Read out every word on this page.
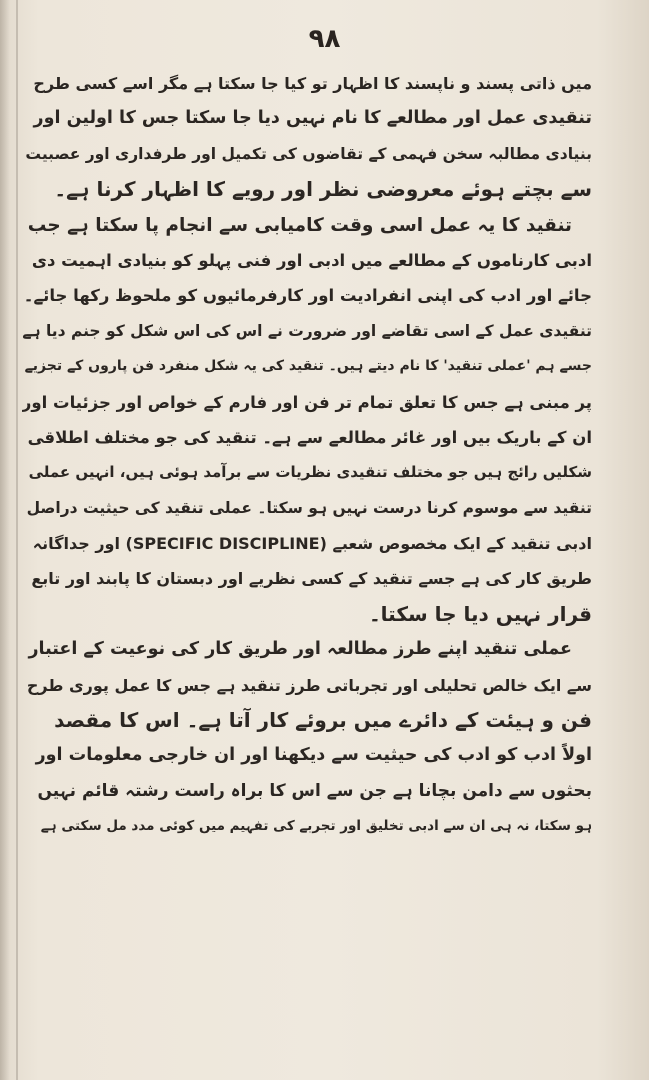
۹۸
میں ذاتی پسند و ناپسند کا اظہار تو کیا جا سکتا ہے مگر اسے کسی طرح
تنقیدی عمل اور مطالعے کا نام نہیں دیا جا سکتا جس کا اولین اور
بنیادی مطالبہ سخن فہمی کے تقاضوں کی تکمیل اور طرفداری اور عصبیت
سے بچتے ہوئے معروضی نظر اور رویے کا اظہار کرنا ہے۔
تنقید کا یہ عمل اسی وقت کامیابی سے انجام پا سکتا ہے جب
ادبی کارناموں کے مطالعے میں ادبی اور فنی پہلو کو بنیادی اہمیت دی
جائے اور ادب کی اپنی انفرادیت اور کارفرمائیوں کو ملحوظ رکھا جائے۔
تنقیدی عمل کے اسی تقاضے اور ضرورت نے اس کی اس شکل کو جنم دیا ہے
جسے ہم 'عملی تنقید' کا نام دیتے ہیں۔ تنقید کی یہ شکل منفرد فن پاروں کے تجزیے
پر مبنی ہے جس کا تعلق تمام تر فن اور فارم کے خواص اور جزئیات اور
ان کے باریک بیں اور غائر مطالعے سے ہے۔ تنقید کی جو مختلف اطلاقی
شکلیں رائج ہیں جو مختلف تنقیدی نظریات سے برآمد ہوئی ہیں، انہیں عملی
تنقید سے موسوم کرنا درست نہیں ہو سکتا۔ عملی تنقید کی حیثیت دراصل
ادبی تنقید کے ایک مخصوص شعبے (SPECIFIC DISCIPLINE) اور جداگانہ
طریق کار کی ہے جسے تنقید کے کسی نظریے اور دبستان کا پابند اور تابع
قرار نہیں دیا جا سکتا۔
عملی تنقید اپنے طرز مطالعہ اور طریق کار کی نوعیت کے اعتبار
سے ایک خالص تحلیلی اور تجرباتی طرز تنقید ہے جس کا عمل پوری طرح
فن و ہیئت کے دائرے میں بروئے کار آتا ہے۔ اس کا مقصد
اولاً ادب کو ادب کی حیثیت سے دیکھنا اور ان خارجی معلومات اور
بحثوں سے دامن بچانا ہے جن سے اس کا براہ راست رشتہ قائم نہیں
ہو سکتا، نہ ہی ان سے ادبی تخلیق اور تجربے کی تفہیم میں کوئی مدد مل سکتی ہے
